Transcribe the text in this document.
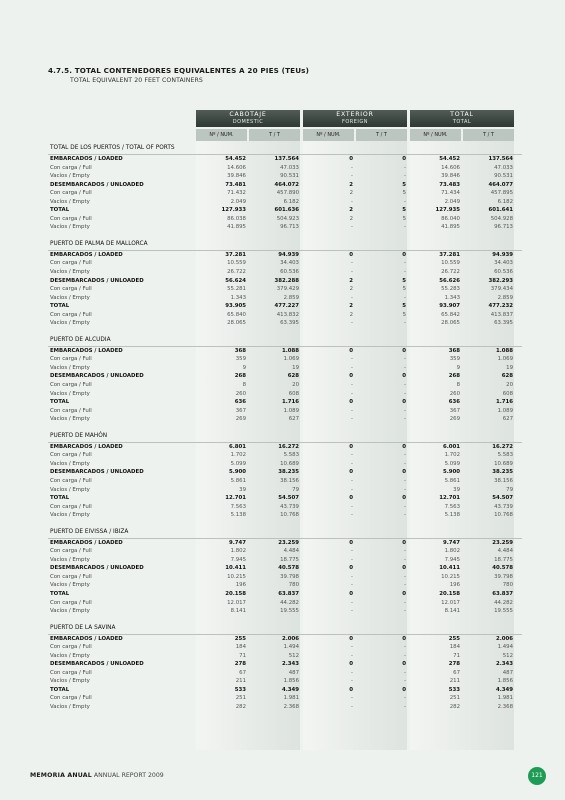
4.7.5. TOTAL CONTENEDORES EQUIVALENTES A 20 PIES (TEUs)
TOTAL EQUIVALENT 20 FEET CONTAINERS
CABOTAJE
DOMESTIC
EXTERIOR
FOREIGN
TOTAL
TOTAL
Nº / NUM.	T / T	Nº / NUM.	T / T	Nº / NUM.	T / T
TOTAL DE LOS PUERTOS / TOTAL OF PORTS
EMBARCADOS / LOADED	54.452	137.564	0	0	54.452	137.564
Con carga / Full	14.606	47.033	-	-	14.606	47.033
Vacíos / Empty	39.846	90.531	-	-	39.846	90.531
DESEMBARCADOS / UNLOADED	73.481	464.072	2	5	73.483	464.077
Con carga / Full	71.432	457.890	2	5	71.434	457.895
Vacíos / Empty	2.049	6.182	-	-	2.049	6.182
TOTAL	127.933	601.636	2	5	127.935	601.641
Con carga / Full	86.038	504.923	2	5	86.040	504.928
Vacíos / Empty	41.895	96.713	-	-	41.895	96.713
PUERTO DE PALMA DE MALLORCA
EMBARCADOS / LOADED	37.281	94.939	0	0	37.281	94.939
Con carga / Full	10.559	34.403	-	-	10.559	34.403
Vacíos / Empty	26.722	60.536	-	-	26.722	60.536
DESEMBARCADOS / UNLOADED	56.624	382.288	2	5	56.626	382.293
Con carga / Full	55.281	379.429	2	5	55.283	379.434
Vacíos / Empty	1.343	2.859	-	-	1.343	2.859
TOTAL	93.905	477.227	2	5	93.907	477.232
Con carga / Full	65.840	413.832	2	5	65.842	413.837
Vacíos / Empty	28.065	63.395	-	-	28.065	63.395
PUERTO DE ALCUDIA
EMBARCADOS / LOADED	368	1.088	0	0	368	1.088
Con carga / Full	359	1.069	-	-	359	1.069
Vacíos / Empty	9	19	-	-	9	19
DESEMBARCADOS / UNLOADED	268	628	0	0	268	628
Con carga / Full	8	20	-	-	8	20
Vacíos / Empty	260	608	-	-	260	608
TOTAL	636	1.716	0	0	636	1.716
Con carga / Full	367	1.089	-	-	367	1.089
Vacíos / Empty	269	627	-	-	269	627
PUERTO DE MAHÓN
EMBARCADOS / LOADED	6.801	16.272	0	0	6.001	16.272
Con carga / Full	1.702	5.583	-	-	1.702	5.583
Vacíos / Empty	5.099	10.689	-	-	5.099	10.689
DESEMBARCADOS / UNLOADED	5.900	38.235	0	0	5.900	38.235
Con carga / Full	5.861	38.156	-	-	5.861	38.156
Vacíos / Empty	39	79	-	-	39	79
TOTAL	12.701	54.507	0	0	12.701	54.507
Con carga / Full	7.563	43.739	-	-	7.563	43.739
Vacíos / Empty	5.138	10.768	-	-	5.138	10.768
PUERTO DE EIVISSA / IBIZA
EMBARCADOS / LOADED	9.747	23.259	0	0	9.747	23.259
Con carga / Full	1.802	4.484	-	-	1.802	4.484
Vacíos / Empty	7.945	18.775	-	-	7.945	18.775
DESEMBARCADOS / UNLOADED	10.411	40.578	0	0	10.411	40.578
Con carga / Full	10.215	39.798	-	-	10.215	39.798
Vacíos / Empty	196	780	-	-	196	780
TOTAL	20.158	63.837	0	0	20.158	63.837
Con carga / Full	12.017	44.282	-	-	12.017	44.282
Vacíos / Empty	8.141	19.555	-	-	8.141	19.555
PUERTO DE LA SAVINA
EMBARCADOS / LOADED	255	2.006	0	0	255	2.006
Con carga / Full	184	1.494	-	-	184	1.494
Vacíos / Empty	71	512	-	-	71	512
DESEMBARCADOS / UNLOADED	278	2.343	0	0	278	2.343
Con carga / Full	67	487	-	-	67	487
Vacíos / Empty	211	1.856	-	-	211	1.856
TOTAL	533	4.349	0	0	533	4.349
Con carga / Full	251	1.981	-	-	251	1.981
Vacíos / Empty	282	2.368	-	-	282	2.368
MEMORIA ANUAL ANNUAL REPORT 2009	121
